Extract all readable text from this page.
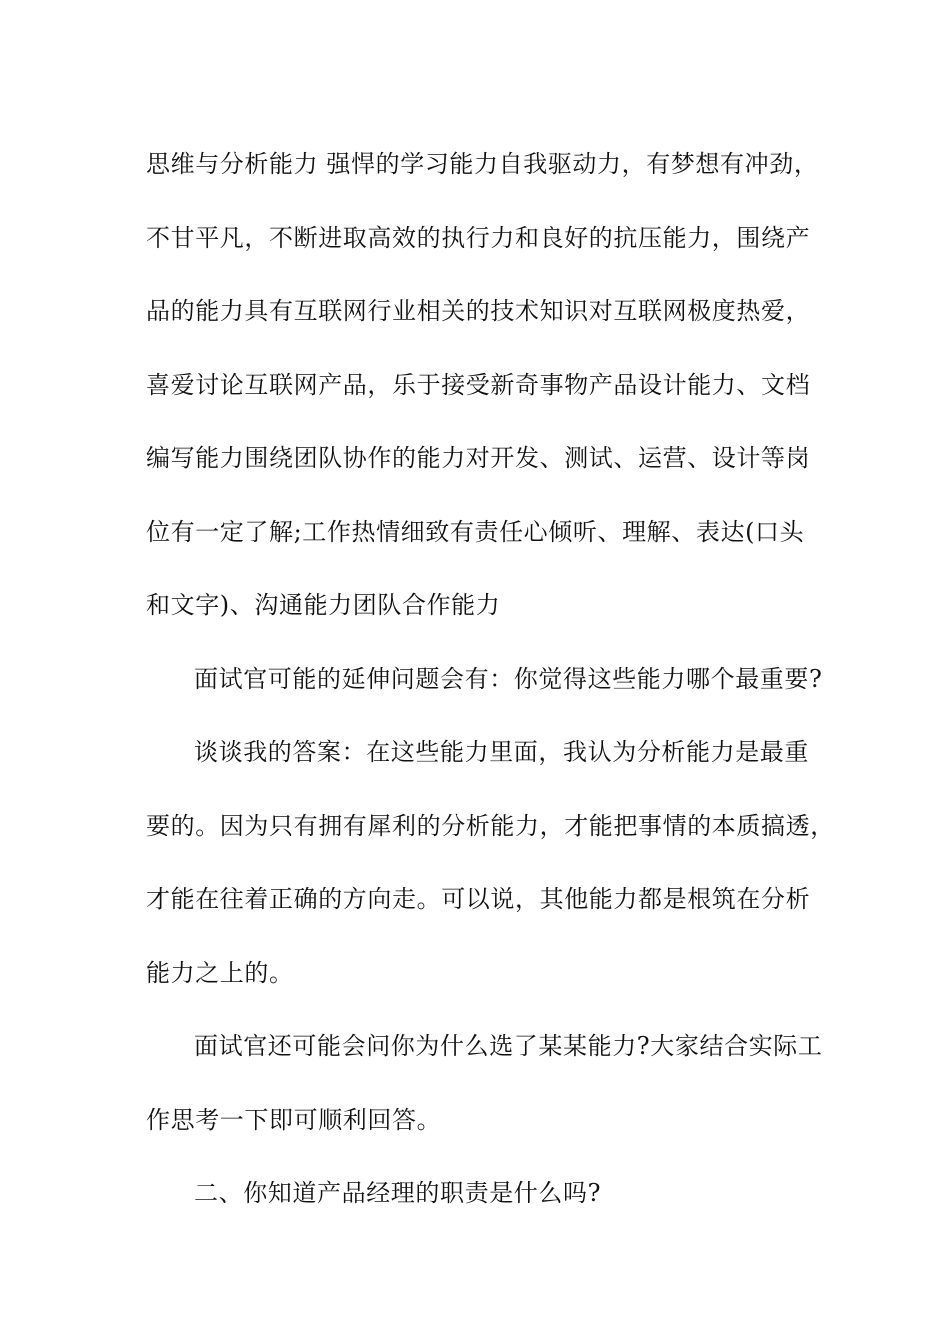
思维与分析能力 强悍的学习能力自我驱动力，有梦想有冲劲，
不甘平凡，不断进取高效的执行力和良好的抗压能力，围绕产
品的能力具有互联网行业相关的技术知识对互联网极度热爱，
喜爱讨论互联网产品，乐于接受新奇事物产品设计能力、文档
编写能力围绕团队协作的能力对开发、测试、运营、设计等岗
位有一定了解;工作热情细致有责任心倾听、理解、表达(口头
和文字)、沟通能力团队合作能力
面试官可能的延伸问题会有：你觉得这些能力哪个最重要?
谈谈我的答案：在这些能力里面，我认为分析能力是最重
要的。因为只有拥有犀利的分析能力，才能把事情的本质搞透，
才能在往着正确的方向走。可以说，其他能力都是根筑在分析
能力之上的。
面试官还可能会问你为什么选了某某能力?大家结合实际工
作思考一下即可顺利回答。
二、你知道产品经理的职责是什么吗?
